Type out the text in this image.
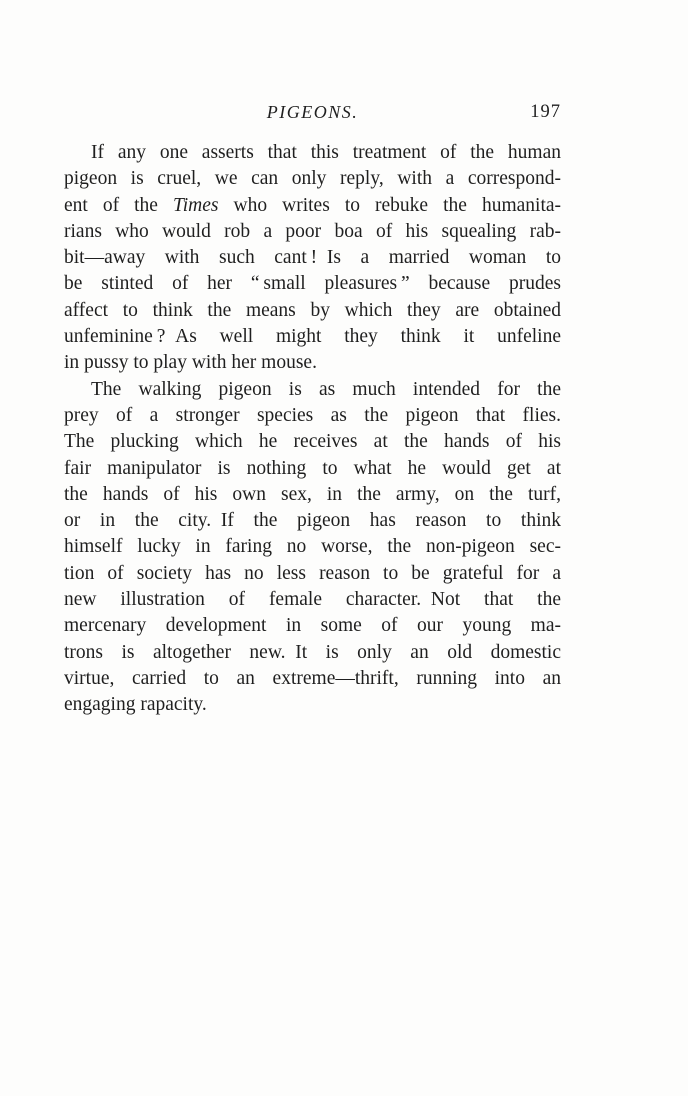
PIGEONS.	197
If any one asserts that this treatment of the human
pigeon is cruel, we can only reply, with a correspond-
ent of the Times who writes to rebuke the humanita-
rians who would rob a poor boa of his squealing rab-
bit—away with such cant ! Is a married woman to
be stinted of her “ small pleasures ” because prudes
affect to think the means by which they are obtained
unfeminine ? As well might they think it unfeline
in pussy to play with her mouse.
The walking pigeon is as much intended for the
prey of a stronger species as the pigeon that flies.
The plucking which he receives at the hands of his
fair manipulator is nothing to what he would get at
the hands of his own sex, in the army, on the turf,
or in the city. If the pigeon has reason to think
himself lucky in faring no worse, the non-pigeon sec-
tion of society has no less reason to be grateful for a
new illustration of female character. Not that the
mercenary development in some of our young ma-
trons is altogether new. It is only an old domestic
virtue, carried to an extreme—thrift, running into an
engaging rapacity.
